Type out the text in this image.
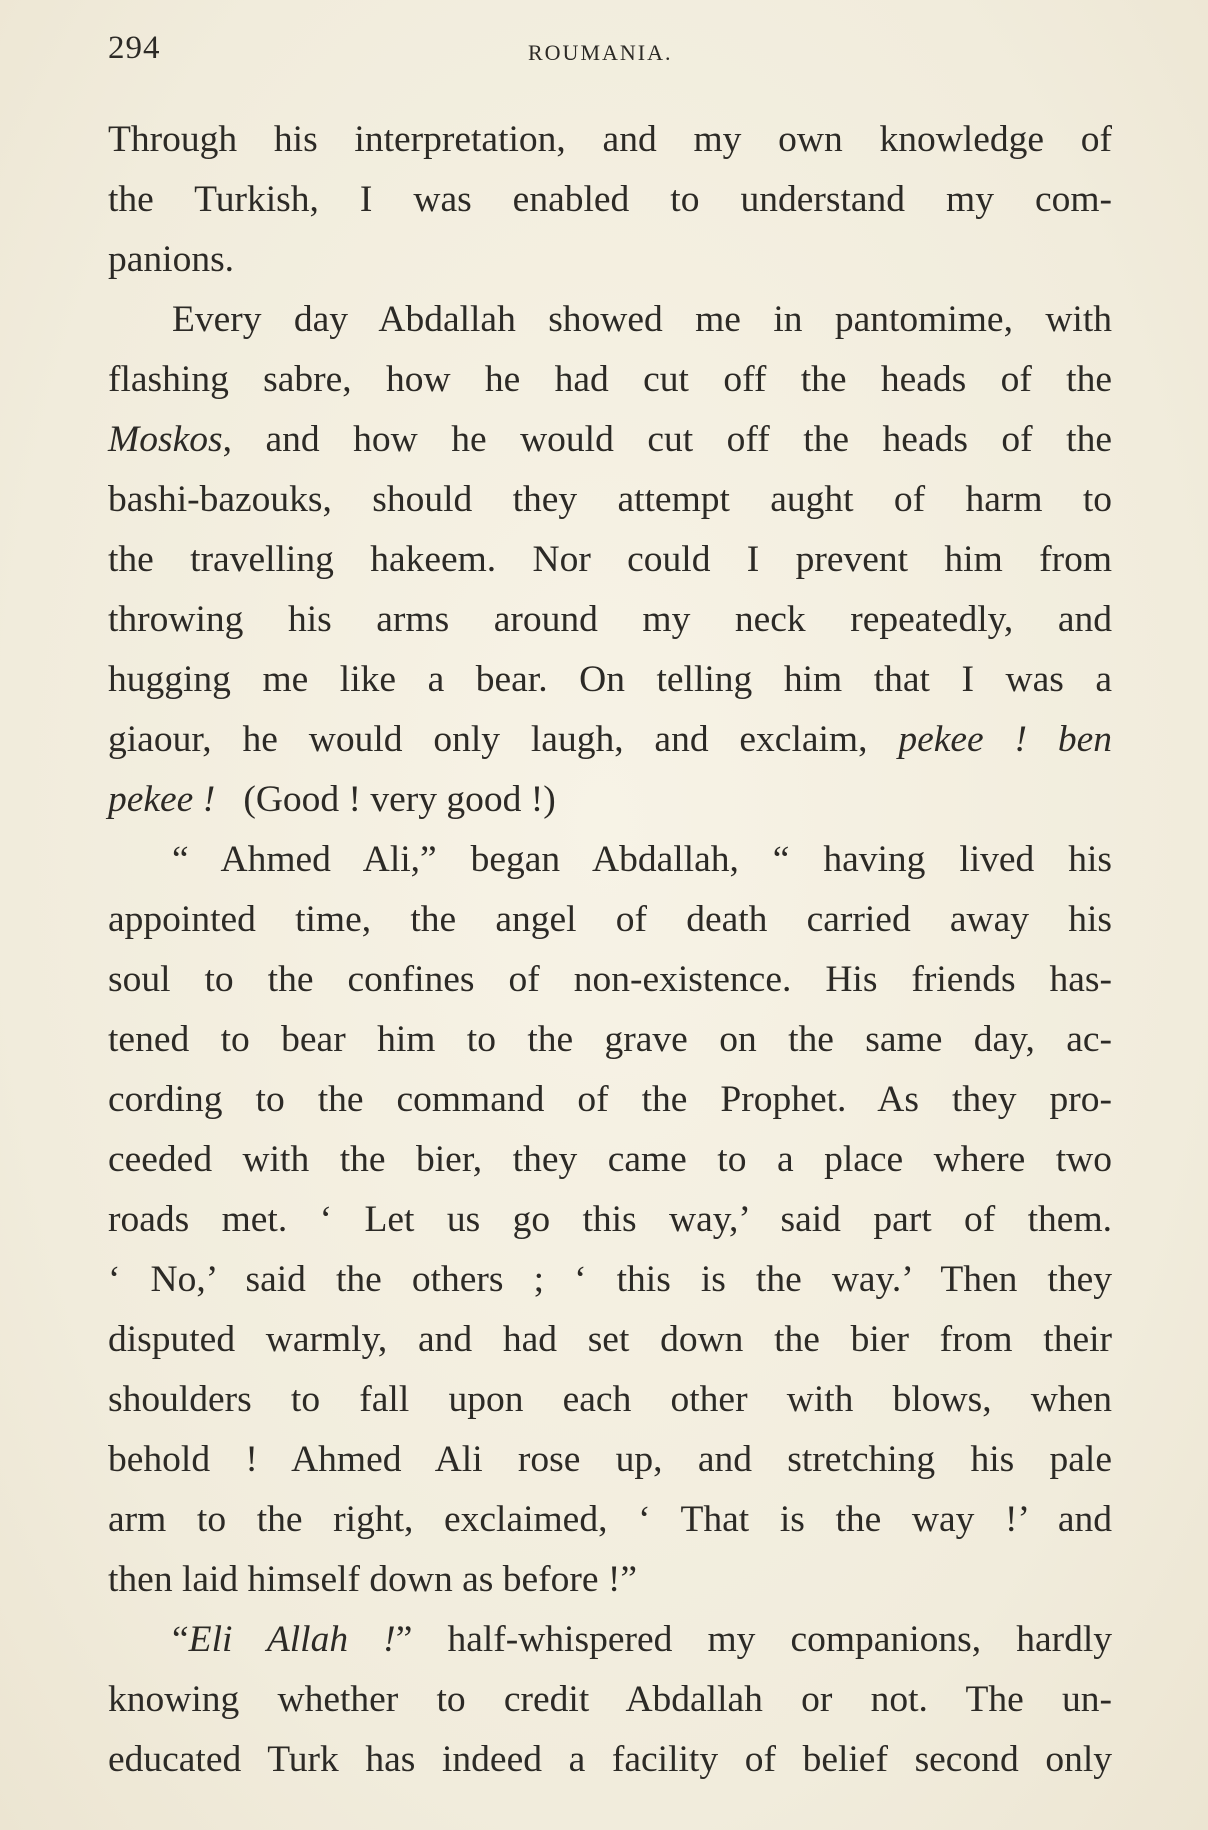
294	ROUMANIA.
Through his interpretation, and my own knowledge of
the Turkish, I was enabled to understand my com-
panions.
Every day Abdallah showed me in pantomime, with
flashing sabre, how he had cut off the heads of the
Moskos, and how he would cut off the heads of the
bashi-bazouks, should they attempt aught of harm to
the travelling hakeem. Nor could I prevent him from
throwing his arms around my neck repeatedly, and
hugging me like a bear. On telling him that I was a
giaour, he would only laugh, and exclaim, pekee ! ben
pekee ! (Good ! very good !)
“ Ahmed Ali,” began Abdallah, “ having lived his
appointed time, the angel of death carried away his
soul to the confines of non-existence. His friends has-
tened to bear him to the grave on the same day, ac-
cording to the command of the Prophet. As they pro-
ceeded with the bier, they came to a place where two
roads met. ‘ Let us go this way,’ said part of them.
‘ No,’ said the others ; ‘ this is the way.’ Then they
disputed warmly, and had set down the bier from their
shoulders to fall upon each other with blows, when
behold ! Ahmed Ali rose up, and stretching his pale
arm to the right, exclaimed, ‘ That is the way !’ and
then laid himself down as before !”
“Eli Allah !” half-whispered my companions, hardly
knowing whether to credit Abdallah or not. The un-
educated Turk has indeed a facility of belief second only
